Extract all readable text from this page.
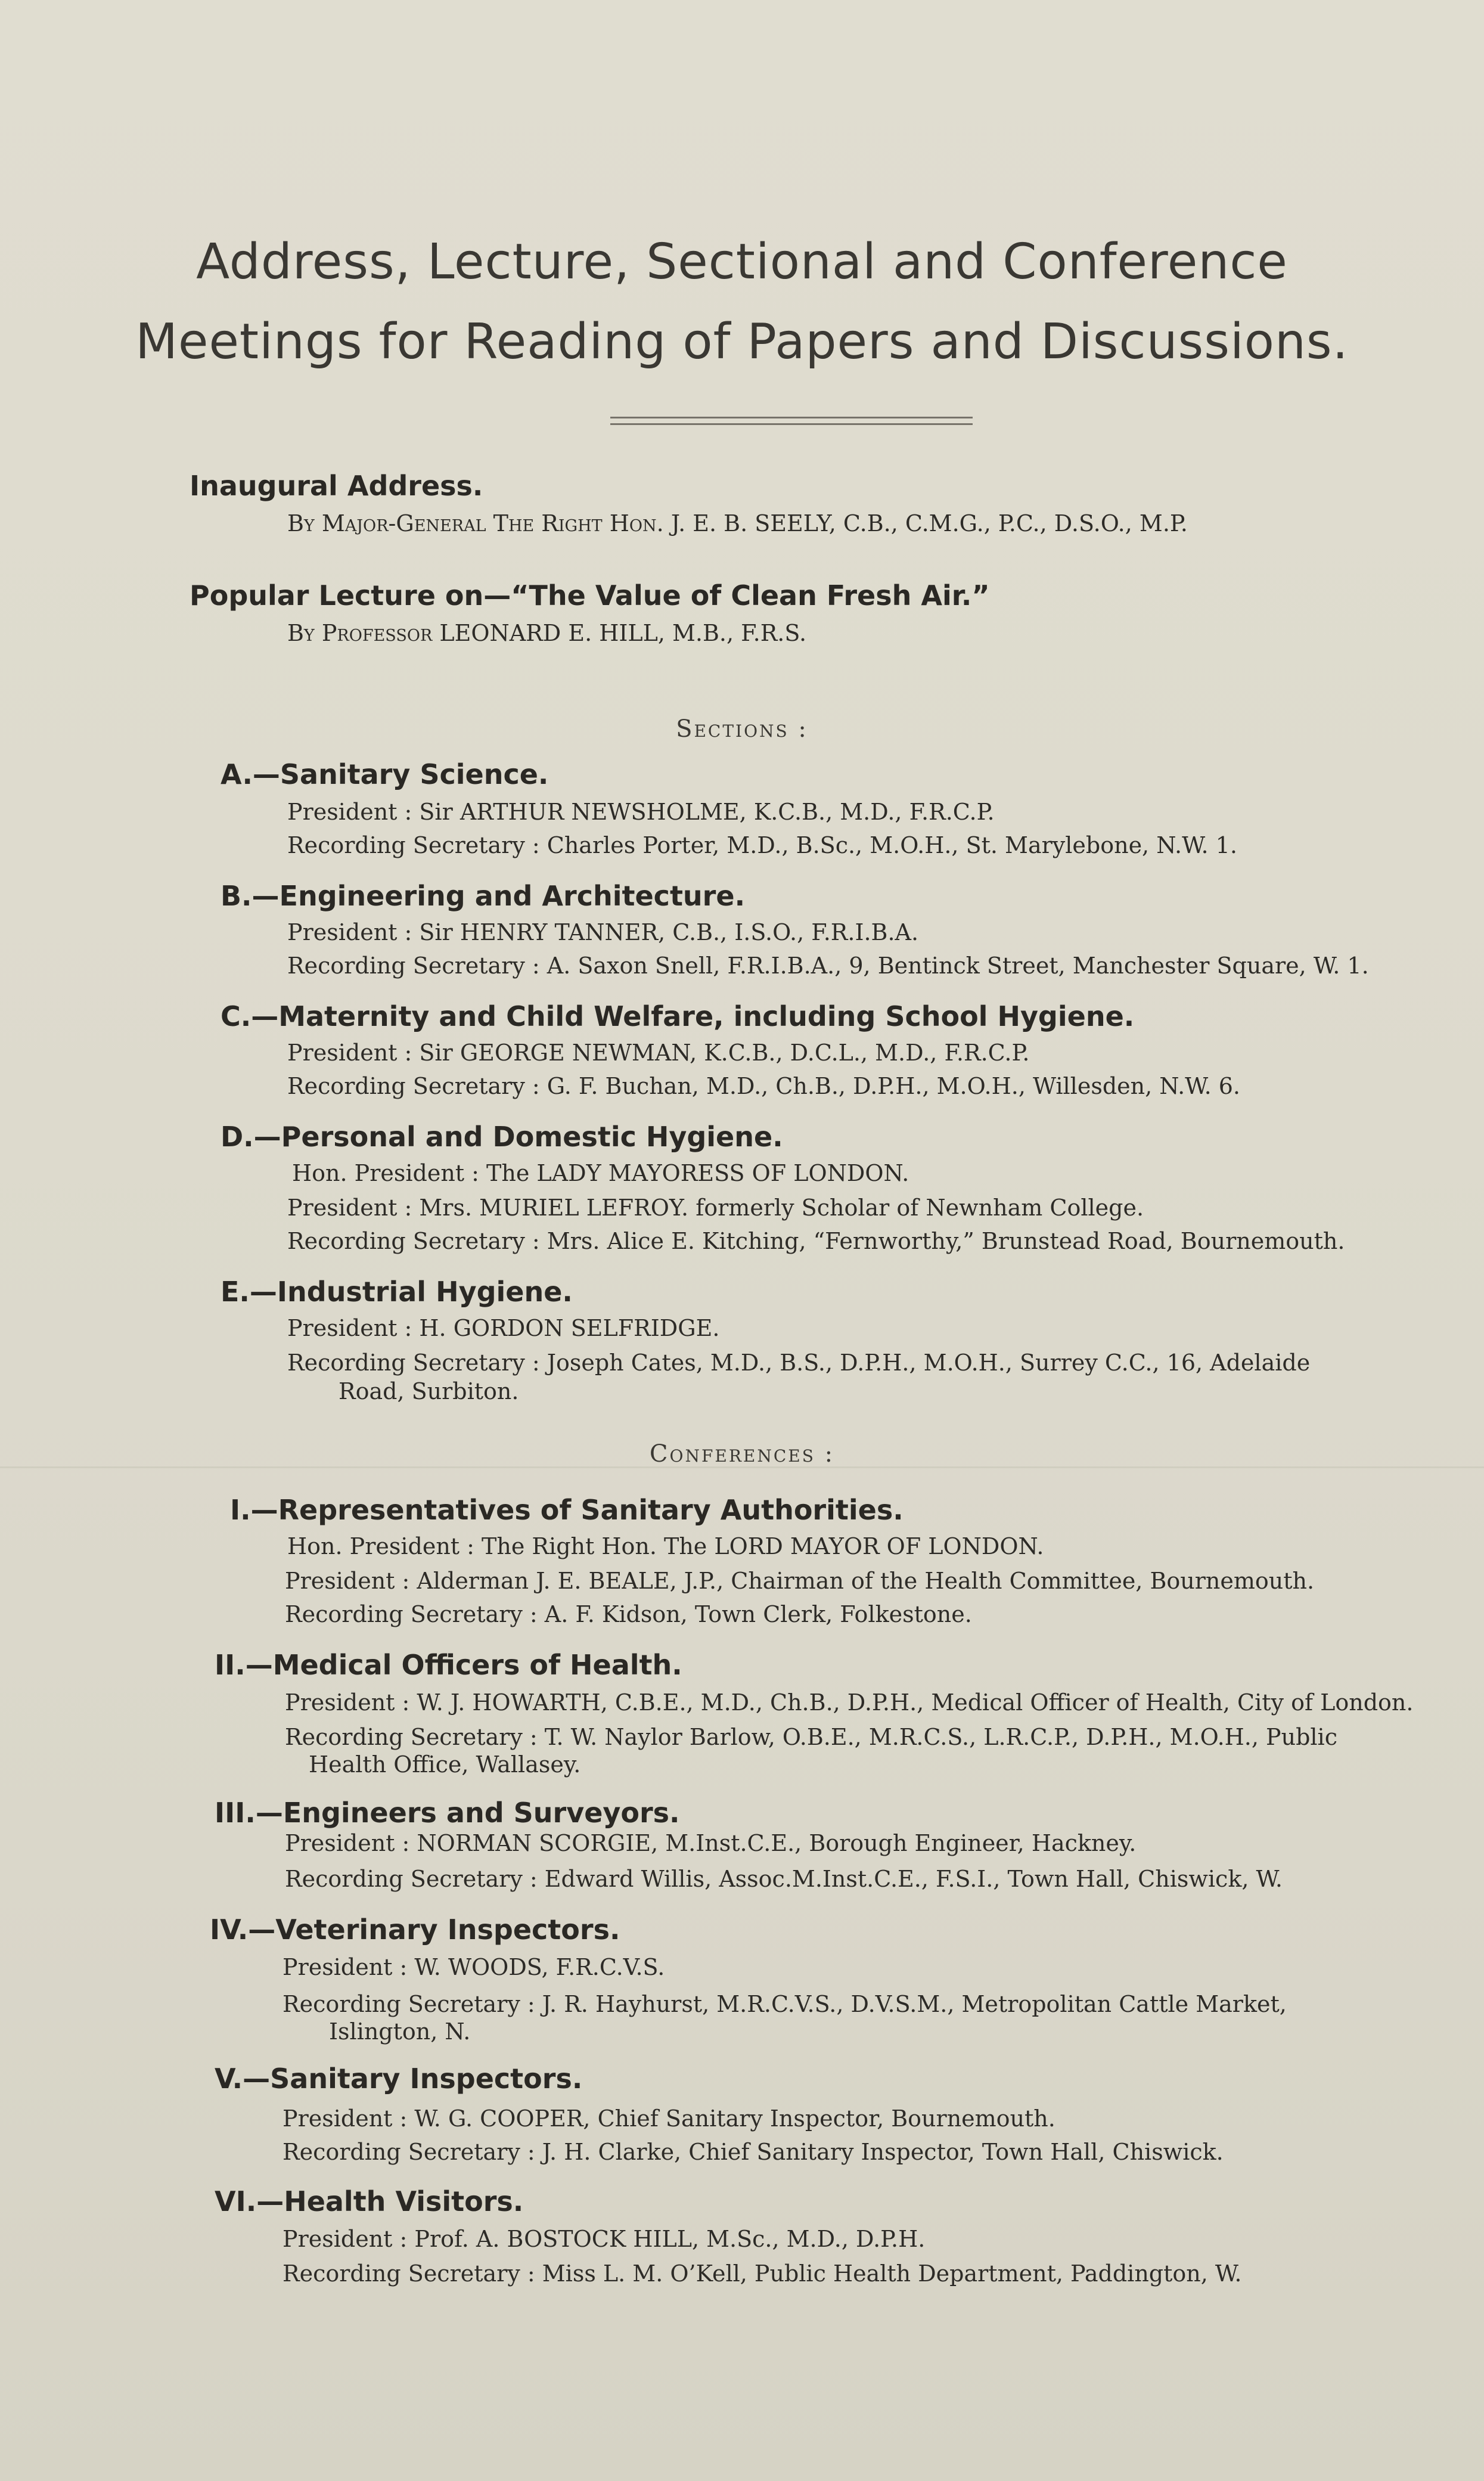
Address, Lecture, Sectional and Conference
Meetings for Reading of Papers and Discussions.
Inaugural Address.
By Major-General The Right Hon. J. E. B. SEELY, C.B., C.M.G., P.C., D.S.O., M.P.
Popular Lecture on—“The Value of Clean Fresh Air.”
By Professor LEONARD E. HILL, M.B., F.R.S.
Sections :
A.—Sanitary Science.
President : Sir ARTHUR NEWSHOLME, K.C.B., M.D., F.R.C.P.
Recording Secretary : Charles Porter, M.D., B.Sc., M.O.H., St. Marylebone, N.W. 1.
B.—Engineering and Architecture.
President : Sir HENRY TANNER, C.B., I.S.O., F.R.I.B.A.
Recording Secretary : A. Saxon Snell, F.R.I.B.A., 9, Bentinck Street, Manchester Square, W. 1.
C.—Maternity and Child Welfare, including School Hygiene.
President : Sir GEORGE NEWMAN, K.C.B., D.C.L., M.D., F.R.C.P.
Recording Secretary : G. F. Buchan, M.D., Ch.B., D.P.H., M.O.H., Willesden, N.W. 6.
D.—Personal and Domestic Hygiene.
Hon. President : The LADY MAYORESS OF LONDON.
President : Mrs. MURIEL LEFROY. formerly Scholar of Newnham College.
Recording Secretary : Mrs. Alice E. Kitching, “Fernworthy,” Brunstead Road, Bournemouth.
E.—Industrial Hygiene.
President : H. GORDON SELFRIDGE.
Recording Secretary : Joseph Cates, M.D., B.S., D.P.H., M.O.H., Surrey C.C., 16, Adelaide
Road, Surbiton.
Conferences :
I.—Representatives of Sanitary Authorities.
Hon. President : The Right Hon. The LORD MAYOR OF LONDON.
President : Alderman J. E. BEALE, J.P., Chairman of the Health Committee, Bournemouth.
Recording Secretary : A. F. Kidson, Town Clerk, Folkestone.
II.—Medical Officers of Health.
President : W. J. HOWARTH, C.B.E., M.D., Ch.B., D.P.H., Medical Officer of Health, City of London.
Recording Secretary : T. W. Naylor Barlow, O.B.E., M.R.C.S., L.R.C.P., D.P.H., M.O.H., Public
Health Office, Wallasey.
III.—Engineers and Surveyors.
President : NORMAN SCORGIE, M.Inst.C.E., Borough Engineer, Hackney.
Recording Secretary : Edward Willis, Assoc.M.Inst.C.E., F.S.I., Town Hall, Chiswick, W.
IV.—Veterinary Inspectors.
President : W. WOODS, F.R.C.V.S.
Recording Secretary : J. R. Hayhurst, M.R.C.V.S., D.V.S.M., Metropolitan Cattle Market,
Islington, N.
V.—Sanitary Inspectors.
President : W. G. COOPER, Chief Sanitary Inspector, Bournemouth.
Recording Secretary : J. H. Clarke, Chief Sanitary Inspector, Town Hall, Chiswick.
VI.—Health Visitors.
President : Prof. A. BOSTOCK HILL, M.Sc., M.D., D.P.H.
Recording Secretary : Miss L. M. O’Kell, Public Health Department, Paddington, W.
